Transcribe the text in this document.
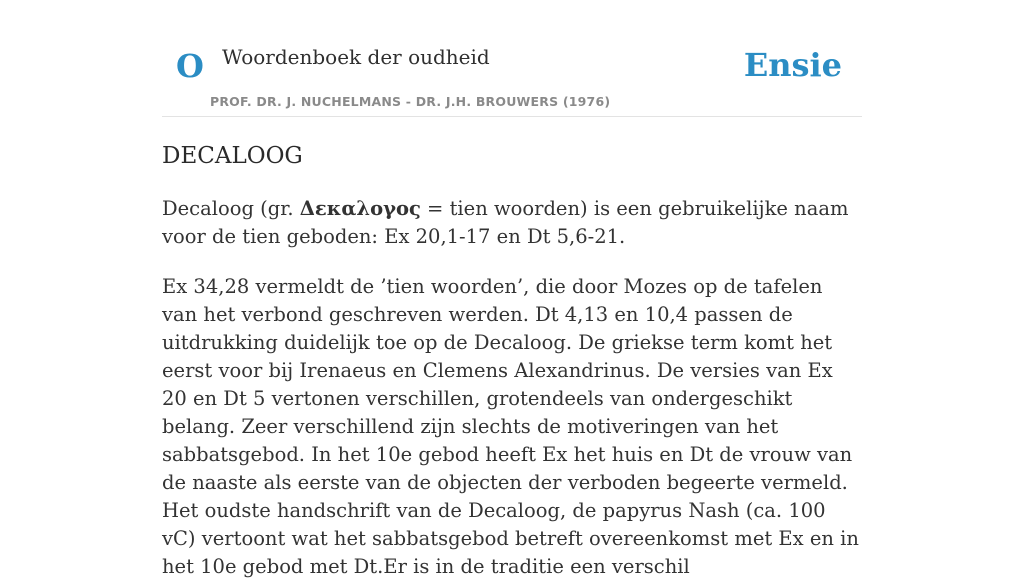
O Woordenboek der oudheid
PROF. DR. J. NUCHELMANS - DR. J.H. BROUWERS (1976)
Ensie
DECALOOG

Decaloog (gr. Δεκαλογος = tien woorden) is een gebruikelijke naam voor de tien geboden: Ex 20,1-17 en Dt 5,6-21.

Ex 34,28 vermeldt de ’tien woorden’, die door Mozes op de tafelen van het verbond geschreven werden. Dt 4,13 en 10,4 passen de uitdrukking duidelijk toe op de Decaloog. De griekse term komt het eerst voor bij Irenaeus en Clemens Alexandrinus. De versies van Ex 20 en Dt 5 vertonen verschillen, grotendeels van ondergeschikt belang. Zeer verschillend zijn slechts de motiveringen van het sabbatsgebod. In het 10e gebod heeft Ex het huis en Dt de vrouw van de naaste als eerste van de objecten der verboden begeerte vermeld. Het oudste handschrift van de Decaloog, de papyrus Nash (ca. 100 vC) vertoont wat het sabbatsgebod betreft overeenkomst met Ex en in het 10e gebod met Dt.Er is in de traditie een verschil
